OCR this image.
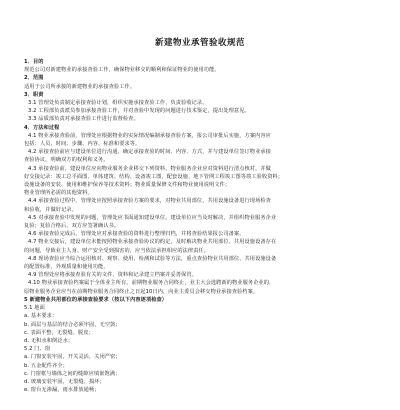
新建物业承管验收规范
1．目的
规范公司对新建物业的承接查验工作，确保物业移交的顺利和保证物业的使用功能。
2．范围
适用于公司所承接的新建物业的承接查验工作。
3．职责
3.1 管理处负责制定承接查验计划，组织实施承接查验工作，负责验收记录。
3.2 工程部负责派员参加承接查验工作，并对查验中发现的问题进行技术鉴定，提出处理意见。
3.3 品质部负责对承接查验工作进行监督检查。
4．方法和过程
4.1 物业承接查验前，管理处应根据物业的实际情况编制承接查验方案，报公司审批后实施，方案内容应
包括：人员、时间、步骤、内容、标准和要求等。
4.2 承接查验前应与建设单位进行沟通，确定承接查验的时间、内容、方式，并与建设单位签订物业承接
查验协议，明确双方的权利和义务。
4.3 承接查验前，建设单位应向物业服务企业移交下列资料，物业服务企业应对资料进行清点核对，并做
好交接记录：竣工总平面图、单体建筑、结构、设备竣工图、配套设施、地下管网工程竣工图等竣工验收资料；
设施设备的安装、使用和维护保养等技术资料；物业质量保修文件和物业使用说明文件；
物业管理所必需的其他资料。
4.4 承接查验过程中，管理处应按照承接查验方案的要求，对物业共用部位、共用设施设备进行现场检查
和验收，并做好记录。
4.5 对承接查验中发现的问题，管理处应书面通知建设单位，建设单位应当及时解决，并组织物业服务企业
复验；复验合格后，双方应签署确认书。
4.6 承接查验完成后，管理处应对承接查验的资料进行整理归档，并将查验结果报公司备案。
4.7 物业交接后，建设单位未能按照物业承接查验协议的约定，及时解决物业共用部位、共用设施设备存在
的问题，导致业主人身、财产安全受到损害的，应当依法承担相应的法律责任。
4.8 现场查验应当综合运用核对、观察、使用、检测和试验等方法，重点查验物业共用部位、共用设施设备
的配置标准、外观质量和使用功能。
4.9 管理处应将承接查验有关的文件、资料和记录建立档案并妥善保管。
4.10 物业承接查验档案属于全体业主所有，前期物业服务合同终止，业主大会选聘新的物业服务企业的，
原物业服务企业应当在前期物业服务合同终止之日起10日内，向业主委员会移交物业承接查验档案。
5 新建物业共用部位的承接查验要求（按以下内容逐项检查）
5.1 地面
a. 基本要求：
b. 面层与基层的结合必须牢固，无空鼓；
c. 表面平整，无裂缝、脱皮；
d. 无积水和倒泛水；
5.2 门、窗
a. 门窗安装牢固，开关灵活，关闭严密；
b. 五金配件齐全；
c. 门窗框与墙体之间的缝隙应填嵌饱满；
d. 玻璃安装牢固，无裂缝、损坏；
e. 窗台无渗漏，雨水排放通畅；
